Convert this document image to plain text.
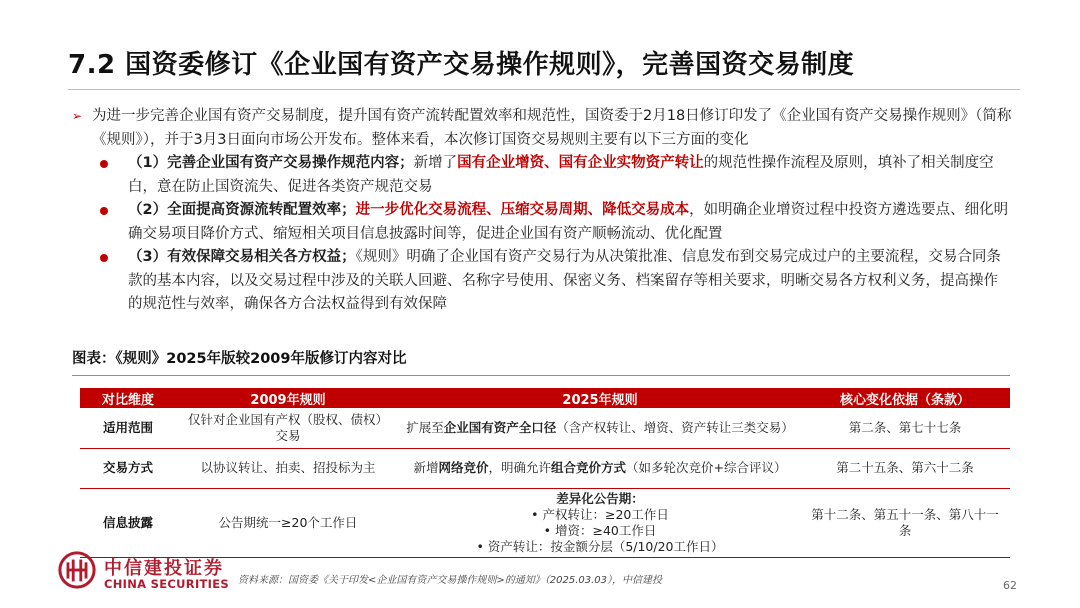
7.2 国资委修订《企业国有资产交易操作规则》，完善国资交易制度
➢ 为进一步完善企业国有资产交易制度，提升国有资产流转配置效率和规范性，国资委于2月18日修订印发了《企业国有资产交易操作规则》（简称《规则》），并于3月3日面向市场公开发布。整体来看，本次修订国资交易规则主要有以下三方面的变化
（1）完善企业国有资产交易操作规范内容；新增了国有企业增资、国有企业实物资产转让的规范性操作流程及原则，填补了相关制度空白，意在防止国资流失、促进各类资产规范交易
（2）全面提高资源流转配置效率；进一步优化交易流程、压缩交易周期、降低交易成本，如明确企业增资过程中投资方遴选要点、细化明确交易项目降价方式、缩短相关项目信息披露时间等，促进企业国有资产顺畅流动、优化配置
（3）有效保障交易相关各方权益；《规则》明确了企业国有资产交易行为从决策批准、信息发布到交易完成过户的主要流程，交易合同条款的基本内容，以及交易过程中涉及的关联人回避、名称字号使用、保密义务、档案留存等相关要求，明晰交易各方权利义务，提高操作的规范性与效率，确保各方合法权益得到有效保障
图表：《规则》2025年版较2009年版修订内容对比
对比维度	2009年规则	2025年规则	核心变化依据（条款）
适用范围	仅针对企业国有产权（股权、债权）交易	扩展至企业国有资产全口径（含产权转让、增资、资产转让三类交易）	第二条、第七十七条
交易方式	以协议转让、拍卖、招投标为主	新增网络竞价，明确允许组合竞价方式（如多轮次竞价+综合评议）	第二十五条、第六十二条
信息披露	公告期统一≥20个工作日	差异化公告期：
• 产权转让：≥20工作日
• 增资：≥40工作日
• 资产转让：按金额分层（5/10/20工作日）	第十二条、第五十一条、第八十一条
中信建投证券
CHINA SECURITIES 资料来源：国资委《关于印发<企业国有资产交易操作规则>的通知》（2025.03.03），中信建投	62
